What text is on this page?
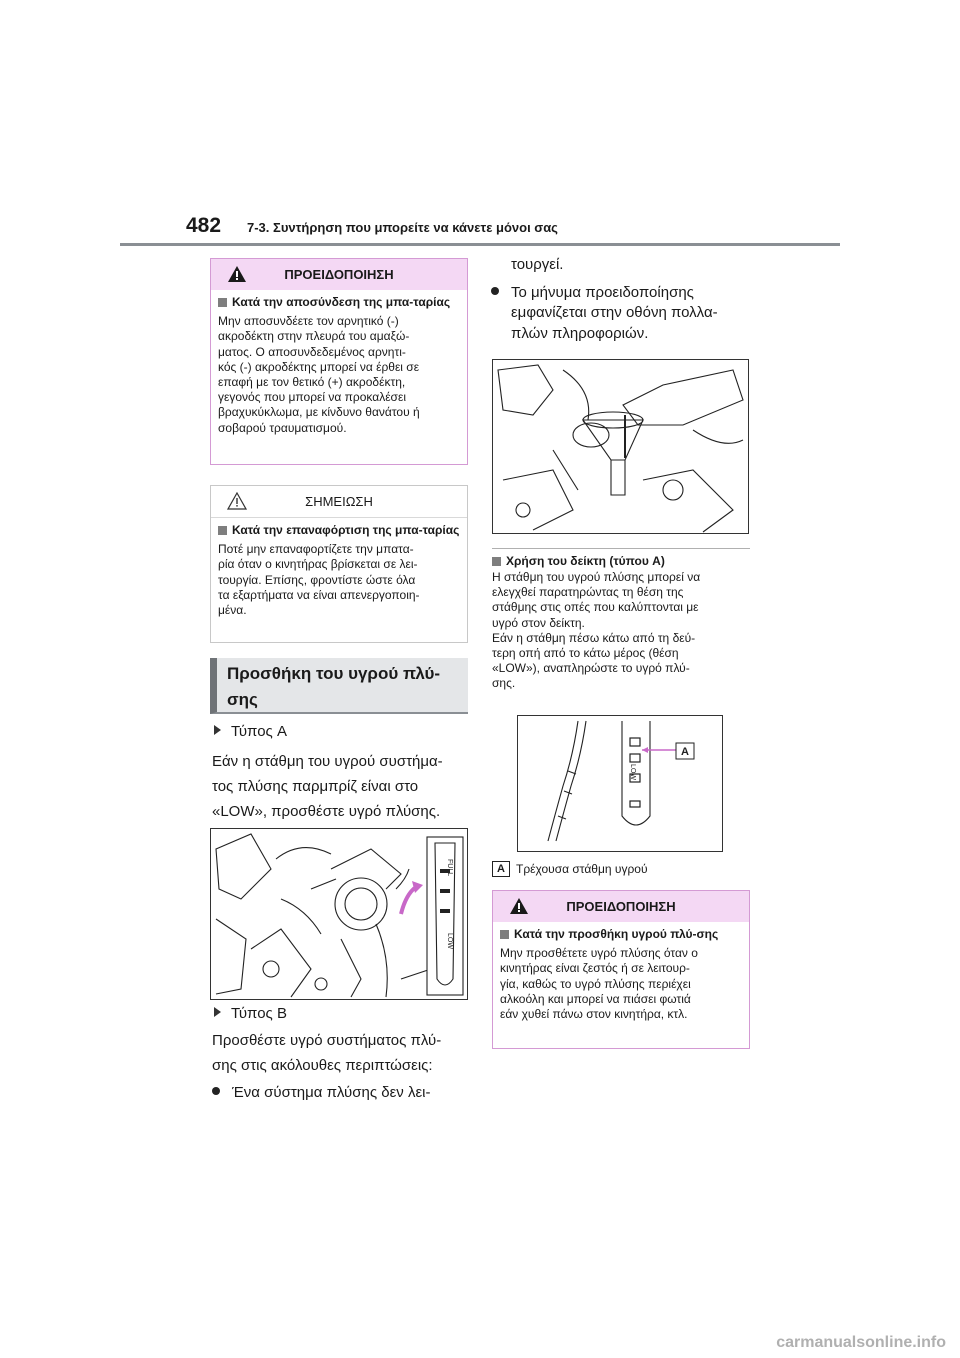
482 7-3. Συντήρηση που μπορείτε να κάνετε μόνοι σας
ΠΡΟΕΙΔΟΠΟΙΗΣΗ
Κατά την αποσύνδεση της μπα-ταρίας
Μην αποσυνδέετε τον αρνητικό (-)
ακροδέκτη στην πλευρά του αμαξώ-
ματος. Ο αποσυνδεδεμένος αρνητι-
κός (-) ακροδέκτης μπορεί να έρθει σε
επαφή με τον θετικό (+) ακροδέκτη,
γεγονός που μπορεί να προκαλέσει
βραχυκύκλωμα, με κίνδυνο θανάτου ή
σοβαρού τραυματισμού.
ΣΗΜΕΙΩΣΗ
Κατά την επαναφόρτιση της μπα-ταρίας
Ποτέ μην επαναφορτίζετε την μπατα-
ρία όταν ο κινητήρας βρίσκεται σε λει-
τουργία. Επίσης, φροντίστε ώστε όλα
τα εξαρτήματα να είναι απενεργοποιη-
μένα.
Προσθήκη του υγρού πλύ-
σης
Τύπος A
Εάν η στάθμη του υγρού συστήμα-
τος πλύσης παρμπρίζ είναι στο
«LOW», προσθέστε υγρό πλύσης.
FULL
LOW
Τύπος B
Προσθέστε υγρό συστήματος πλύ-
σης στις ακόλουθες περιπτώσεις:
Ένα σύστημα πλύσης δεν λει-
τουργεί.
Το μήνυμα προειδοποίησης
εμφανίζεται στην οθόνη πολλα-
πλών πληροφοριών.
Χρήση του δείκτη (τύπου A)
Η στάθμη του υγρού πλύσης μπορεί να
ελεγχθεί παρατηρώντας τη θέση της
στάθμης στις οπές που καλύπτονται με
υγρό στον δείκτη.
Εάν η στάθμη πέσω κάτω από τη δεύ-
τερη οπή από το κάτω μέρος (θέση
«LOW»), αναπληρώστε το υγρό πλύ-
σης.
LOW
A
A Τρέχουσα στάθμη υγρού
ΠΡΟΕΙΔΟΠΟΙΗΣΗ
Κατά την προσθήκη υγρού πλύ-σης
Μην προσθέτετε υγρό πλύσης όταν ο
κινητήρας είναι ζεστός ή σε λειτουρ-
γία, καθώς το υγρό πλύσης περιέχει
αλκοόλη και μπορεί να πιάσει φωτιά
εάν χυθεί πάνω στον κινητήρα, κτλ.
carmanualsonline.info
